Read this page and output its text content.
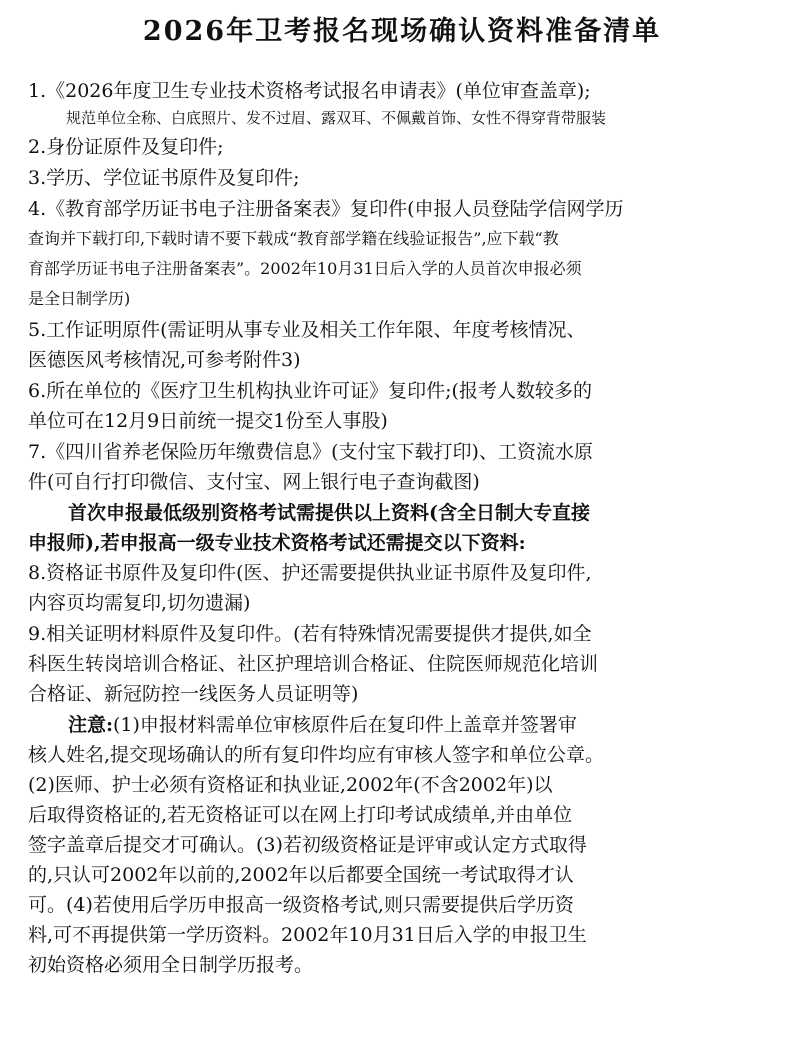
2026年卫考报名现场确认资料准备清单

1.《2026年度卫生专业技术资格考试报名申请表》(单位审查盖章);

规范单位全称、白底照片、发不过眉、露双耳、不佩戴首饰、女性不得穿背带服装

2.身份证原件及复印件;

3.学历、学位证书原件及复印件;

4.《教育部学历证书电子注册备案表》复印件(申报人员登陆学信网学历

查询并下载打印,下载时请不要下载成“教育部学籍在线验证报告”,应下载“教

育部学历证书电子注册备案表”。2002年10月31日后入学的人员首次申报必须

是全日制学历)

5.工作证明原件(需证明从事专业及相关工作年限、年度考核情况、

医德医风考核情况,可参考附件3)

6.所在单位的《医疗卫生机构执业许可证》复印件;(报考人数较多的

单位可在12月9日前统一提交1份至人事股)

7.《四川省养老保险历年缴费信息》(支付宝下载打印)、工资流水原

件(可自行打印微信、支付宝、网上银行电子查询截图)

首次申报最低级别资格考试需提供以上资料(含全日制大专直接

申报师),若申报高一级专业技术资格考试还需提交以下资料:

8.资格证书原件及复印件(医、护还需要提供执业证书原件及复印件,

内容页均需复印,切勿遗漏)

9.相关证明材料原件及复印件。(若有特殊情况需要提供才提供,如全

科医生转岗培训合格证、社区护理培训合格证、住院医师规范化培训

合格证、新冠防控一线医务人员证明等)

注意:(1)申报材料需单位审核原件后在复印件上盖章并签署审

核人姓名,提交现场确认的所有复印件均应有审核人签字和单位公章。

(2)医师、护士必须有资格证和执业证,2002年(不含2002年)以

后取得资格证的,若无资格证可以在网上打印考试成绩单,并由单位

签字盖章后提交才可确认。(3)若初级资格证是评审或认定方式取得

的,只认可2002年以前的,2002年以后都要全国统一考试取得才认

可。(4)若使用后学历申报高一级资格考试,则只需要提供后学历资

料,可不再提供第一学历资料。2002年10月31日后入学的申报卫生

初始资格必须用全日制学历报考。
